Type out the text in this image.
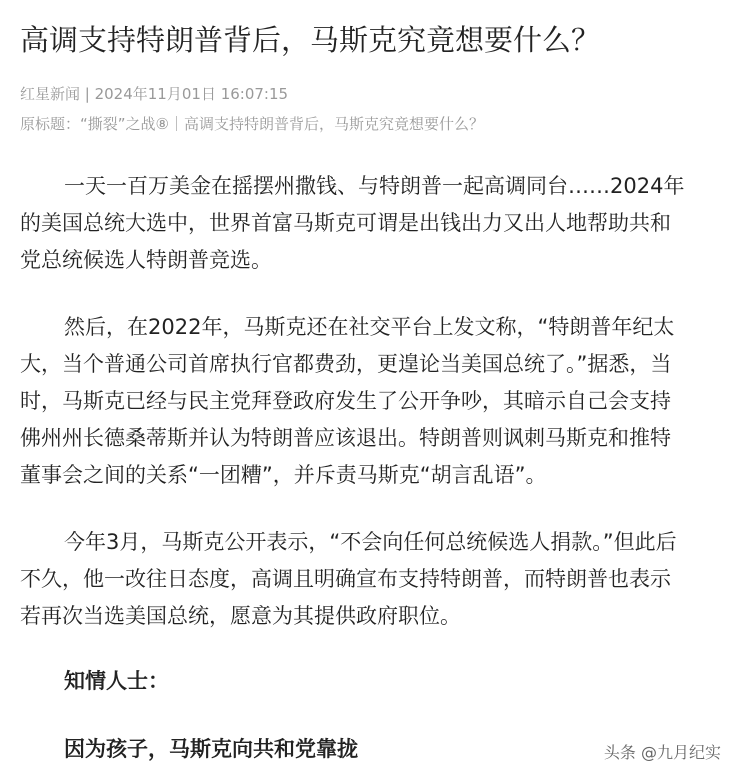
高调支持特朗普背后，马斯克究竟想要什么？
红星新闻 | 2024年11月01日 16:07:15
原标题：“撕裂”之战⑧｜高调支持特朗普背后，马斯克究竟想要什么？
一天一百万美金在摇摆州撒钱、与特朗普一起高调同台……2024年
的美国总统大选中，世界首富马斯克可谓是出钱出力又出人地帮助共和
党总统候选人特朗普竞选。
然后，在2022年，马斯克还在社交平台上发文称，“特朗普年纪太
大，当个普通公司首席执行官都费劲，更遑论当美国总统了。”据悉，当
时，马斯克已经与民主党拜登政府发生了公开争吵，其暗示自己会支持
佛州州长德桑蒂斯并认为特朗普应该退出。特朗普则讽刺马斯克和推特
董事会之间的关系“一团糟”，并斥责马斯克“胡言乱语”。
今年3月，马斯克公开表示，“不会向任何总统候选人捐款。”但此后
不久，他一改往日态度，高调且明确宣布支持特朗普，而特朗普也表示
若再次当选美国总统，愿意为其提供政府职位。
知情人士：
因为孩子，马斯克向共和党靠拢	头条 @九月纪实
